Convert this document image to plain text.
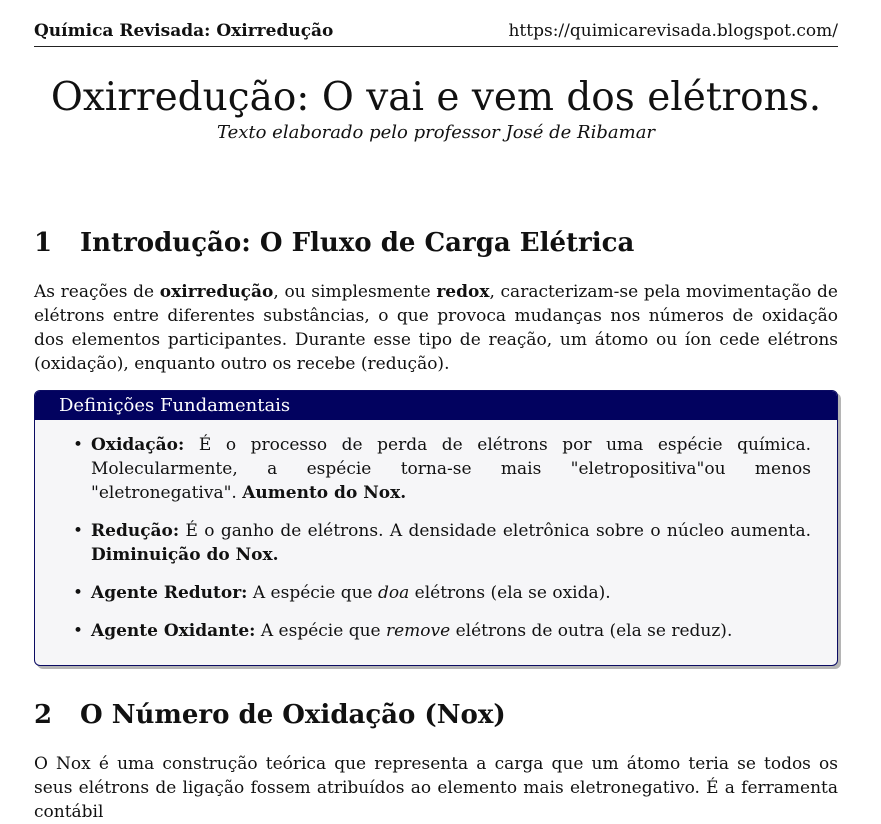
Química Revisada: Oxirredução	https://quimicarevisada.blogspot.com/
Oxirredução: O vai e vem dos elétrons.
Texto elaborado pelo professor José de Ribamar
1 Introdução: O Fluxo de Carga Elétrica
As reações de oxirredução, ou simplesmente redox, caracterizam-se pela movimentação de elétrons entre diferentes substâncias, o que provoca mudanças nos números de oxidação dos elementos participantes. Durante esse tipo de reação, um átomo ou íon cede elétrons (oxidação), enquanto outro os recebe (redução).
Definições Fundamentais
• Oxidação: É o processo de perda de elétrons por uma espécie química. Molecularmente, a espécie torna-se mais "eletropositiva"ou menos "eletronegativa". Aumento do Nox.
• Redução: É o ganho de elétrons. A densidade eletrônica sobre o núcleo aumenta. Diminuição do Nox.
• Agente Redutor: A espécie que doa elétrons (ela se oxida).
• Agente Oxidante: A espécie que remove elétrons de outra (ela se reduz).
2 O Número de Oxidação (Nox)
O Nox é uma construção teórica que representa a carga que um átomo teria se todos os seus elétrons de ligação fossem atribuídos ao elemento mais eletronegativo. É a ferramenta contábil
